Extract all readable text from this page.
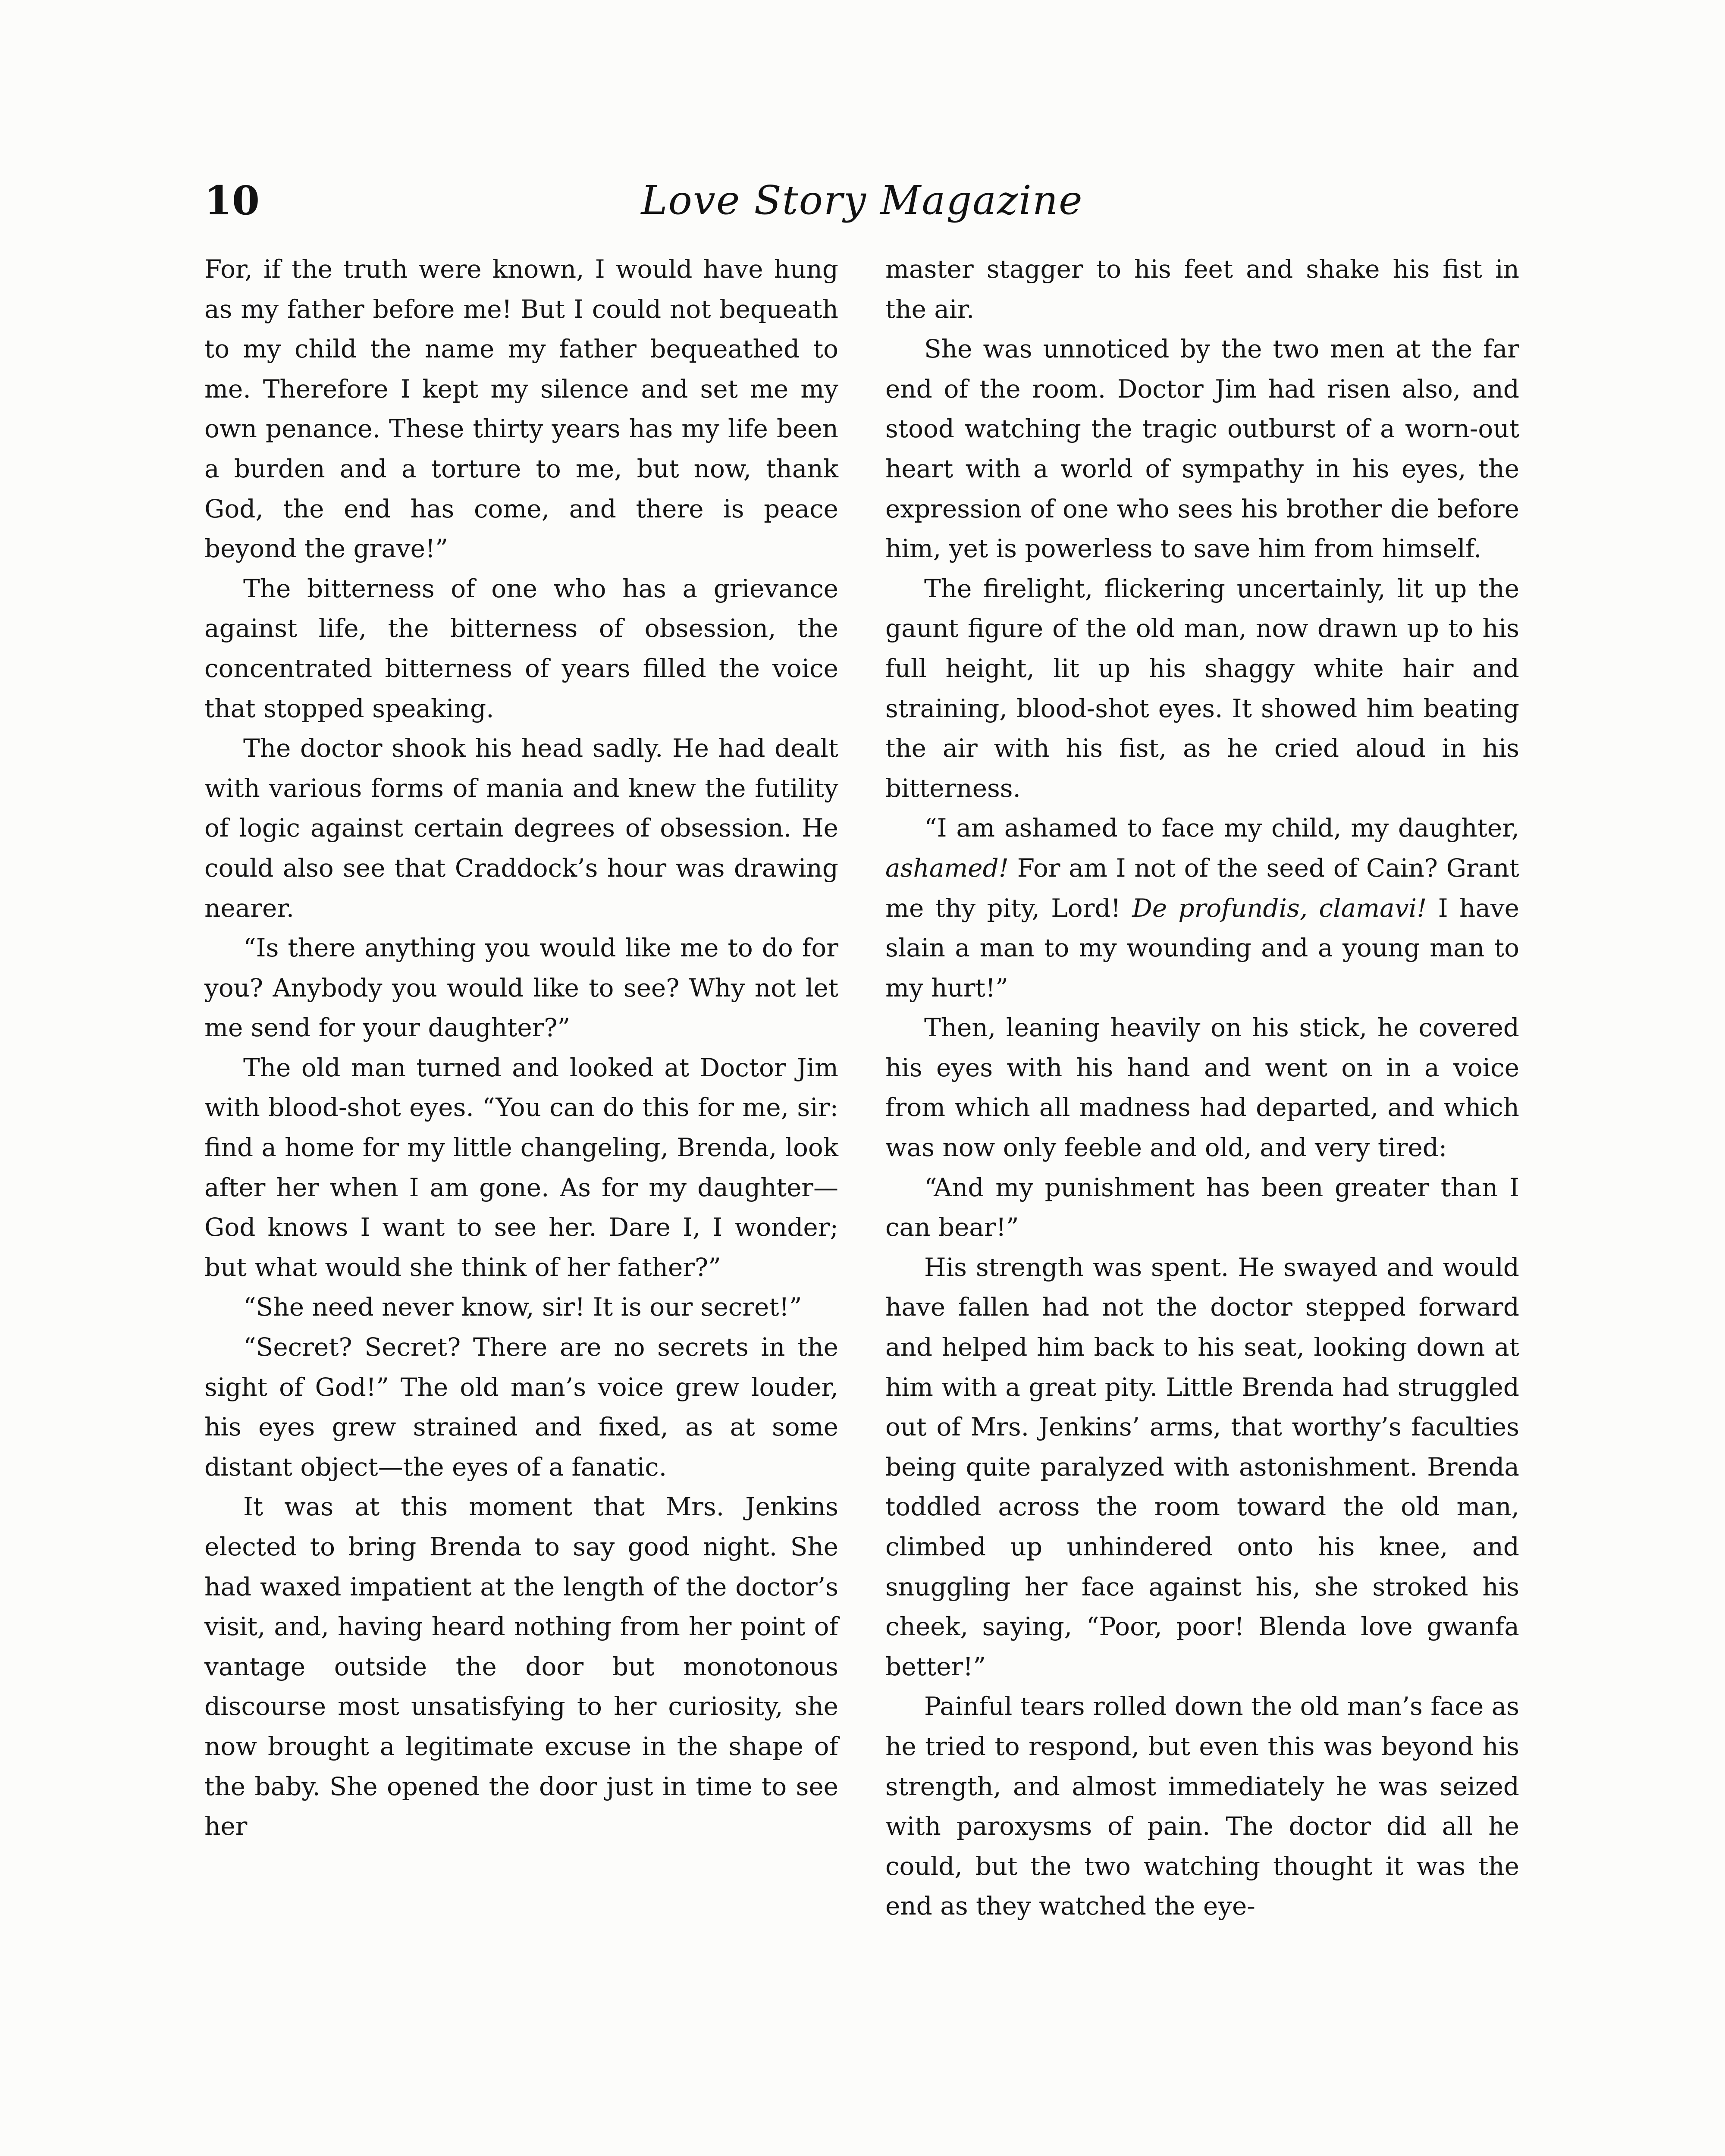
10	Love Story Magazine

For, if the truth were known, I would have hung as my father before me! But I could not bequeath to my child the name my father bequeathed to me. Therefore I kept my silence and set me my own penance. These thirty years has my life been a burden and a torture to me, but now, thank God, the end has come, and there is peace beyond the grave!”

The bitterness of one who has a grievance against life, the bitterness of obsession, the concentrated bitterness of years filled the voice that stopped speaking.

The doctor shook his head sadly. He had dealt with various forms of mania and knew the futility of logic against certain degrees of obsession. He could also see that Craddock’s hour was drawing nearer.

“Is there anything you would like me to do for you? Anybody you would like to see? Why not let me send for your daughter?”

The old man turned and looked at Doctor Jim with blood-shot eyes. “You can do this for me, sir: find a home for my little changeling, Brenda, look after her when I am gone. As for my daughter—God knows I want to see her. Dare I, I wonder; but what would she think of her father?”

“She need never know, sir! It is our secret!”

“Secret? Secret? There are no secrets in the sight of God!” The old man’s voice grew louder, his eyes grew strained and fixed, as at some distant object—the eyes of a fanatic.

It was at this moment that Mrs. Jenkins elected to bring Brenda to say good night. She had waxed impatient at the length of the doctor’s visit, and, having heard nothing from her point of vantage outside the door but monotonous discourse most unsatisfying to her curiosity, she now brought a legitimate excuse in the shape of the baby. She opened the door just in time to see her

master stagger to his feet and shake his fist in the air.

She was unnoticed by the two men at the far end of the room. Doctor Jim had risen also, and stood watching the tragic outburst of a worn-out heart with a world of sympathy in his eyes, the expression of one who sees his brother die before him, yet is powerless to save him from himself.

The firelight, flickering uncertainly, lit up the gaunt figure of the old man, now drawn up to his full height, lit up his shaggy white hair and straining, blood-shot eyes. It showed him beating the air with his fist, as he cried aloud in his bitterness.

“I am ashamed to face my child, my daughter, ashamed! For am I not of the seed of Cain? Grant me thy pity, Lord! De profundis, clamavi! I have slain a man to my wounding and a young man to my hurt!”

Then, leaning heavily on his stick, he covered his eyes with his hand and went on in a voice from which all madness had departed, and which was now only feeble and old, and very tired:

“And my punishment has been greater than I can bear!”

His strength was spent. He swayed and would have fallen had not the doctor stepped forward and helped him back to his seat, looking down at him with a great pity. Little Brenda had struggled out of Mrs. Jenkins’ arms, that worthy’s faculties being quite paralyzed with astonishment. Brenda toddled across the room toward the old man, climbed up unhindered onto his knee, and snuggling her face against his, she stroked his cheek, saying, “Poor, poor! Blenda love gwanfa better!”

Painful tears rolled down the old man’s face as he tried to respond, but even this was beyond his strength, and almost immediately he was seized with paroxysms of pain. The doctor did all he could, but the two watching thought it was the end as they watched the eye-
